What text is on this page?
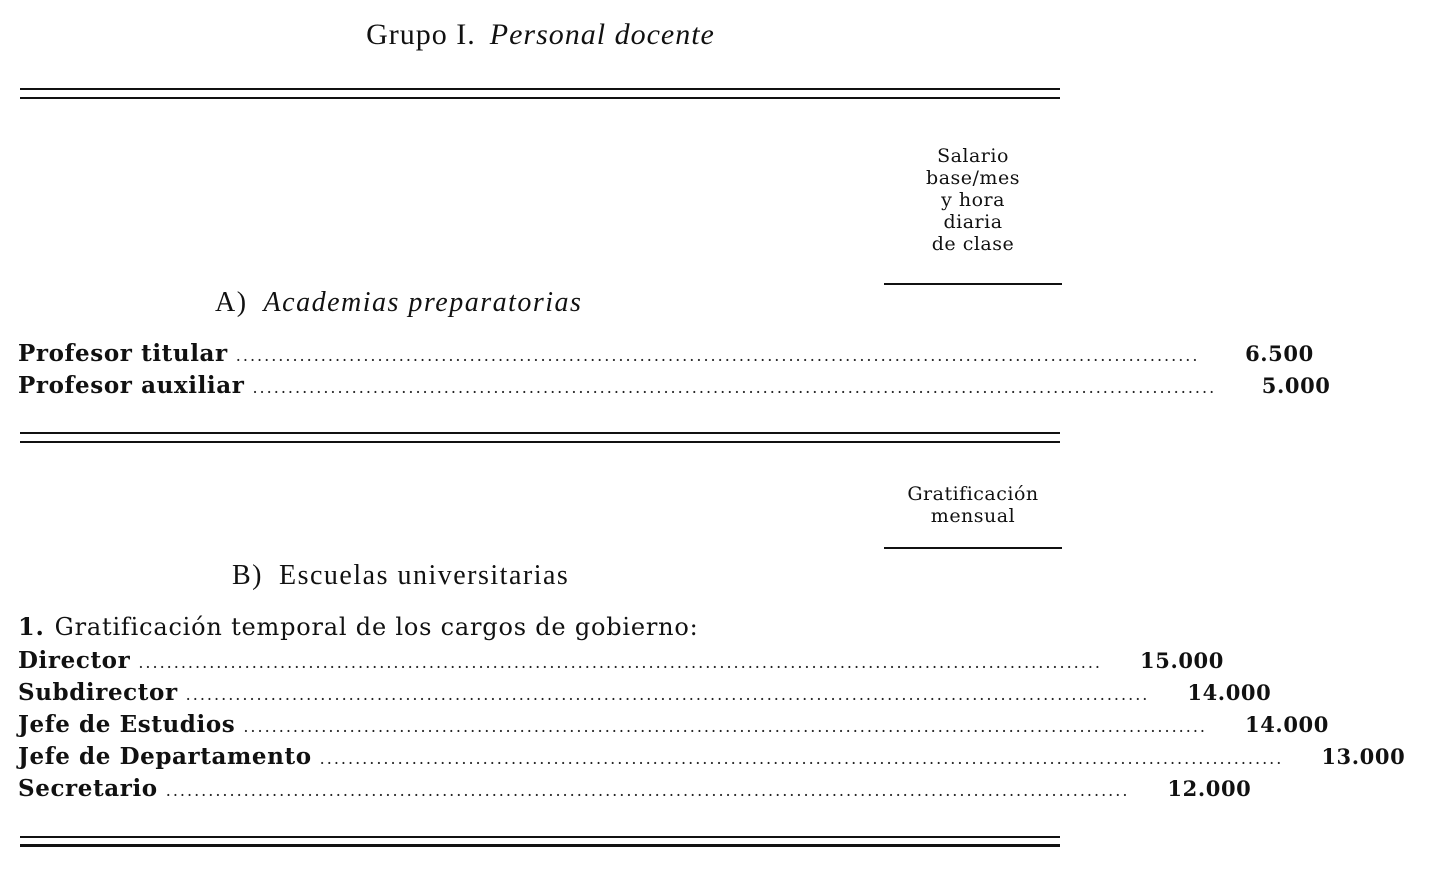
Grupo I. Personal docente
Salario
base/mes
y hora
diaria
de clase
A) Academias preparatorias
Profesor titular ........................................................................................................................................	6.500
Profesor auxiliar ........................................................................................................................................	5.000
Gratificación
mensual
B) Escuelas universitarias
1. Gratificación temporal de los cargos de gobierno:
Director ........................................................................................................................................	15.000
Subdirector ........................................................................................................................................	14.000
Jefe de Estudios ........................................................................................................................................	14.000
Jefe de Departamento ........................................................................................................................................	13.000
Secretario ........................................................................................................................................	12.000
